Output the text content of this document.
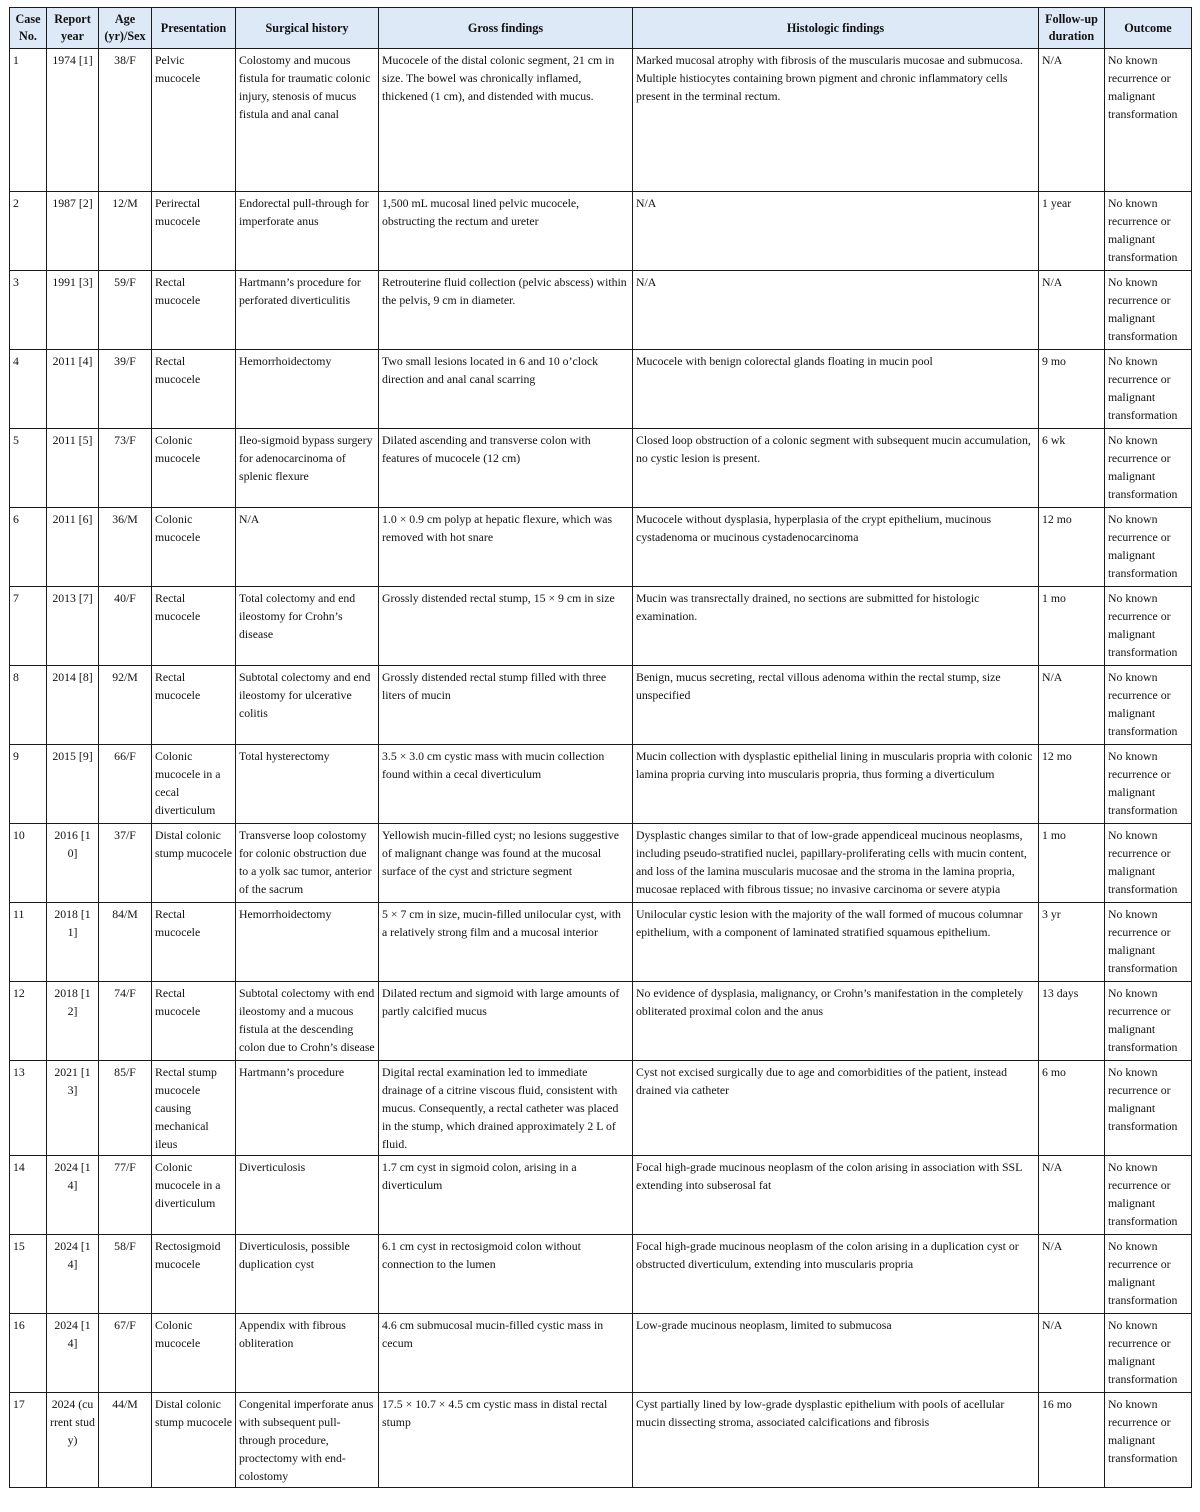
Case No.	Report year	Age (yr)/Sex	Presentation	Surgical history	Gross findings	Histologic findings	Follow-up duration	Outcome
1	1974 [1]	38/F	Pelvic mucocele	Colostomy and mucous fistula for traumatic colonic injury, stenosis of mucus fistula and anal canal	Mucocele of the distal colonic segment, 21 cm in size. The bowel was chronically inflamed, thickened (1 cm), and distended with mucus.	Marked mucosal atrophy with fibrosis of the muscularis mucosae and submucosa. Multiple histiocytes containing brown pigment and chronic inflammatory cells present in the terminal rectum.	N/A	No known recurrence or malignant transformation
2	1987 [2]	12/M	Perirectal mucocele	Endorectal pull-through for imperforate anus	1,500 mL mucosal lined pelvic mucocele, obstructing the rectum and ureter	N/A	1 year	No known recurrence or malignant transformation
3	1991 [3]	59/F	Rectal mucocele	Hartmann’s procedure for perforated diverticulitis	Retrouterine fluid collection (pelvic abscess) within the pelvis, 9 cm in diameter.	N/A	N/A	No known recurrence or malignant transformation
4	2011 [4]	39/F	Rectal mucocele	Hemorrhoidectomy	Two small lesions located in 6 and 10 o’clock direction and anal canal scarring	Mucocele with benign colorectal glands floating in mucin pool	9 mo	No known recurrence or malignant transformation
5	2011 [5]	73/F	Colonic mucocele	Ileo-sigmoid bypass surgery for adenocarcinoma of splenic flexure	Dilated ascending and transverse colon with features of mucocele (12 cm)	Closed loop obstruction of a colonic segment with subsequent mucin accumulation, no cystic lesion is present.	6 wk	No known recurrence or malignant transformation
6	2011 [6]	36/M	Colonic mucocele	N/A	1.0 × 0.9 cm polyp at hepatic flexure, which was removed with hot snare	Mucocele without dysplasia, hyperplasia of the crypt epithelium, mucinous cystadenoma or mucinous cystadenocarcinoma	12 mo	No known recurrence or malignant transformation
7	2013 [7]	40/F	Rectal mucocele	Total colectomy and end ileostomy for Crohn’s disease	Grossly distended rectal stump, 15 × 9 cm in size	Mucin was transrectally drained, no sections are submitted for histologic examination.	1 mo	No known recurrence or malignant transformation
8	2014 [8]	92/M	Rectal mucocele	Subtotal colectomy and end ileostomy for ulcerative colitis	Grossly distended rectal stump filled with three liters of mucin	Benign, mucus secreting, rectal villous adenoma within the rectal stump, size unspecified	N/A	No known recurrence or malignant transformation
9	2015 [9]	66/F	Colonic mucocele in a cecal diverticulum	Total hysterectomy	3.5 × 3.0 cm cystic mass with mucin collection found within a cecal diverticulum	Mucin collection with dysplastic epithelial lining in muscularis propria with colonic lamina propria curving into muscularis propria, thus forming a diverticulum	12 mo	No known recurrence or malignant transformation
10	2016 [10]	37/F	Distal colonic stump mucocele	Transverse loop colostomy for colonic obstruction due to a yolk sac tumor, anterior of the sacrum	Yellowish mucin-filled cyst; no lesions suggestive of malignant change was found at the mucosal surface of the cyst and stricture segment	Dysplastic changes similar to that of low-grade appendiceal mucinous neoplasms, including pseudo-stratified nuclei, papillary-proliferating cells with mucin content, and loss of the lamina muscularis mucosae and the stroma in the lamina propria, mucosae replaced with fibrous tissue; no invasive carcinoma or severe atypia	1 mo	No known recurrence or malignant transformation
11	2018 [11]	84/M	Rectal mucocele	Hemorrhoidectomy	5 × 7 cm in size, mucin-filled unilocular cyst, with a relatively strong film and a mucosal interior	Unilocular cystic lesion with the majority of the wall formed of mucous columnar epithelium, with a component of laminated stratified squamous epithelium.	3 yr	No known recurrence or malignant transformation
12	2018 [12]	74/F	Rectal mucocele	Subtotal colectomy with end ileostomy and a mucous fistula at the descending colon due to Crohn’s disease	Dilated rectum and sigmoid with large amounts of partly calcified mucus	No evidence of dysplasia, malignancy, or Crohn’s manifestation in the completely obliterated proximal colon and the anus	13 days	No known recurrence or malignant transformation
13	2021 [13]	85/F	Rectal stump mucocele causing mechanical ileus	Hartmann’s procedure	Digital rectal examination led to immediate drainage of a citrine viscous fluid, consistent with mucus. Consequently, a rectal catheter was placed in the stump, which drained approximately 2 L of fluid.	Cyst not excised surgically due to age and comorbidities of the patient, instead drained via catheter	6 mo	No known recurrence or malignant transformation
14	2024 [14]	77/F	Colonic mucocele in a diverticulum	Diverticulosis	1.7 cm cyst in sigmoid colon, arising in a diverticulum	Focal high-grade mucinous neoplasm of the colon arising in association with SSL extending into subserosal fat	N/A	No known recurrence or malignant transformation
15	2024 [14]	58/F	Rectosigmoid mucocele	Diverticulosis, possible duplication cyst	6.1 cm cyst in rectosigmoid colon without connection to the lumen	Focal high-grade mucinous neoplasm of the colon arising in a duplication cyst or obstructed diverticulum, extending into muscularis propria	N/A	No known recurrence or malignant transformation
16	2024 [14]	67/F	Colonic mucocele	Appendix with fibrous obliteration	4.6 cm submucosal mucin-filled cystic mass in cecum	Low-grade mucinous neoplasm, limited to submucosa	N/A	No known recurrence or malignant transformation
17	2024 (current study)	44/M	Distal colonic stump mucocele	Congenital imperforate anus with subsequent pull-through procedure, proctectomy with end-colostomy	17.5 × 10.7 × 4.5 cm cystic mass in distal rectal stump	Cyst partially lined by low-grade dysplastic epithelium with pools of acellular mucin dissecting stroma, associated calcifications and fibrosis	16 mo	No known recurrence or malignant transformation
